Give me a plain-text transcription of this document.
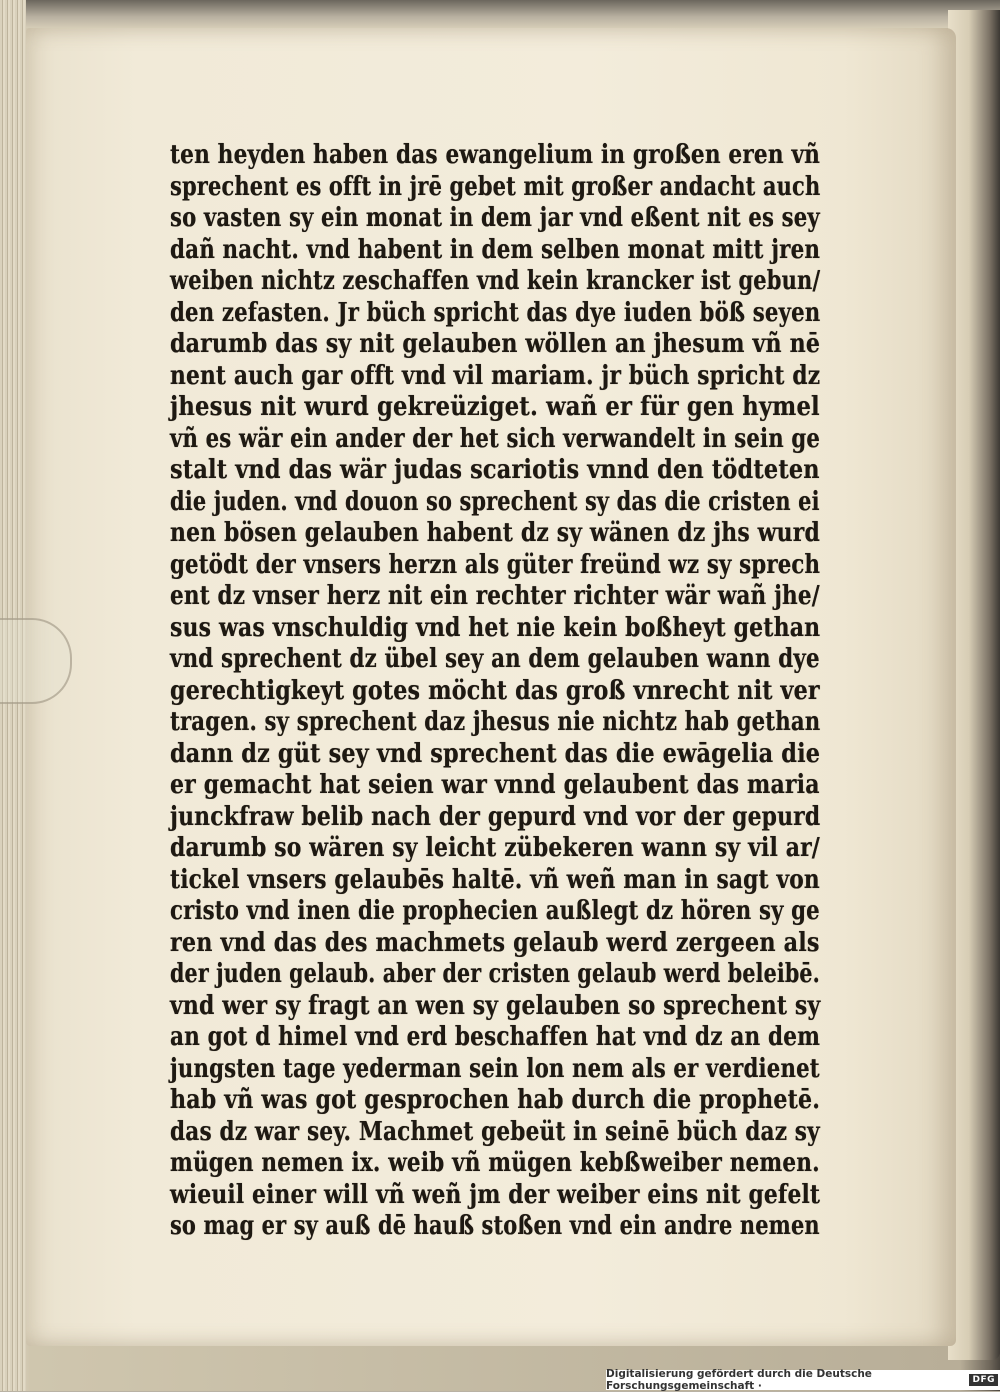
ten heyden haben das ewangelium in großen eren vñ
sprechent es offt in jrē gebet mit großer andacht auch
so vasten sy ein monat in dem jar vnd eßent nit es sey
dañ nacht. vnd habent in dem selben monat mitt jren
weiben nichtz zeschaffen vnd kein krancker ist gebun/
den zefasten. Jr büch spricht das dye iuden böß seyen
darumb das sy nit gelauben wöllen an jhesum vñ nē
nent auch gar offt vnd vil mariam. jr büch spricht dz
jhesus nit wurd gekreüziget. wañ er für gen hymel
vñ es wär ein ander der het sich verwandelt in sein ge
stalt vnd das wär judas scariotis vnnd den tödteten
die juden. vnd douon so sprechent sy das die cristen ei
nen bösen gelauben habent dz sy wänen dz jhs wurd
getödt der vnsers herzn als güter freünd wz sy sprech
ent dz vnser herz nit ein rechter richter wär wañ jhe/
sus was vnschuldig vnd het nie kein boßheyt gethan
vnd sprechent dz übel sey an dem gelauben wann dye
gerechtigkeyt gotes möcht das groß vnrecht nit ver
tragen. sy sprechent daz jhesus nie nichtz hab gethan
dann dz güt sey vnd sprechent das die ewāgelia die
er gemacht hat seien war vnnd gelaubent das maria
junckfraw belib nach der gepurd vnd vor der gepurd
darumb so wären sy leicht zübekeren wann sy vil ar/
tickel vnsers gelaubēs haltē. vñ weñ man in sagt von
cristo vnd inen die prophecien außlegt dz hören sy ge
ren vnd das des machmets gelaub werd zergeen als
der juden gelaub. aber der cristen gelaub werd beleibē.
vnd wer sy fragt an wen sy gelauben so sprechent sy
an got d himel vnd erd beschaffen hat vnd dz an dem
jungsten tage yederman sein lon nem als er verdienet
hab vñ was got gesprochen hab durch die prophetē.
das dz war sey. Machmet gebeüt in seinē büch daz sy
mügen nemen ix. weib vñ mügen kebßweiber nemen.
wieuil einer will vñ weñ jm der weiber eins nit gefelt
so mag er sy auß dē hauß stoßen vnd ein andre nemen
Digitalisierung gefördert durch die Deutsche Forschungsgemeinschaft ·	DFG
